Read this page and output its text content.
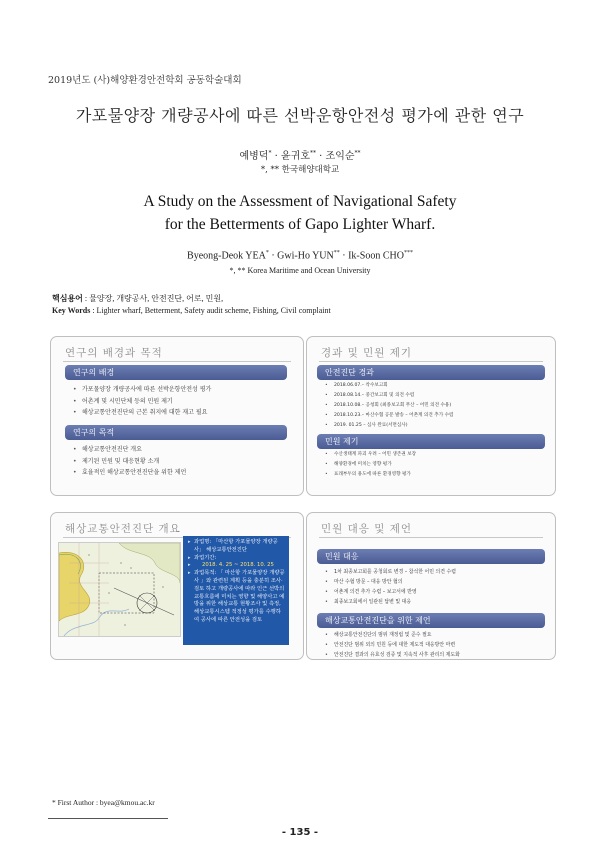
2019년도 (사)해양환경안전학회 공동학술대회
가포물양장 개량공사에 따른 선박운항안전성 평가에 관한 연구
예병덕* · 윤귀호** · 조익순**
*, ** 한국해양대학교
A Study on the Assessment of Navigational Safety
for the Betterments of Gapo Lighter Wharf.
Byeong-Deok YEA* · Gwi-Ho YUN** · Ik-Soon CHO***
*, ** Korea Maritime and Ocean University
핵심용어 : 물양장, 개량공사, 안전진단, 어로, 민원,
Key Words : Lighter wharf, Betterment, Safety audit scheme, Fishing, Civil complaint
연구의 배경과 목적
연구의 배경
• 가포물양장 개량공사에 따른 선박운항안전성 평가
• 어촌계 및 시민단체 등의 민원 제기
• 해상교통안전진단의 근본 취지에 대한 재고 필요
연구의 목적
• 해상교통안전진단 개요
• 제기된 민원 및 대응현황 소개
• 효율적인 해상교통안전진단을 위한 제언
경과 및 민원 제기
안전진단 경과
• 2018.06.07.– 착수보고회
• 2018.08.14.– 중간보고회 및 의견 수렴
• 2018.10.08.– 공청회 (최종보고회 무산 – 어민 의견 수용)
• 2018.10.23.– 마산수협 공문 발송 – 어촌계 의견 추가 수렴
• 2019. 01.25 – 심사 완료(서면심사)
민원 제기
• 수산생태계 파괴 우려 – 어민 생존권 보장
• 해양환경에 미치는 영향 평가
• 표래부두의 용도에 따른 환경영향 평가
해상교통안전진단 개요
▸ 과업명: 「마산항 가포물양장 개량공사」 해상교통안전진단
▸ 과업기간:
▸ 2018. 4. 25 ~ 2018. 10. 25
▸ 과업목적: 「 마산항 가포물양장 개량공사 」와 관련된 계획 등을 충분히 조사·검토 하고 개량공사에 따라 인근 선박의 교통흐름에 미치는 영향 및 해양사고 예방을 위한 해상교통 현황조사 및 측정, 해상교통시스템 적정성 평가를 수행하여 공사에 따른 안전성을 검토
민원 대응 및 제언
민원 대응
• 1차 최종보고회를 공청회로 변경 – 참석한 어민 의견 수렴
• 마산 수협 방문 – 대응 방안 협의
• 어촌계 의견 추가 수렴 – 보고서에 반영
• 최종보고회에서 일관된 답변 및 대응
해상교통안전진단을 위한 제언
• 해상교통안전진단의 범위 재정립 및 준수 필요
• 안전진단 범위 외의 민원 등에 대한 제도적 대응방안 마련
• 안전진단 결과의 유효성 검증 및 지속적 사후 관리의 제도화
* First Author : byea@kmou.ac.kr
- 135 -
